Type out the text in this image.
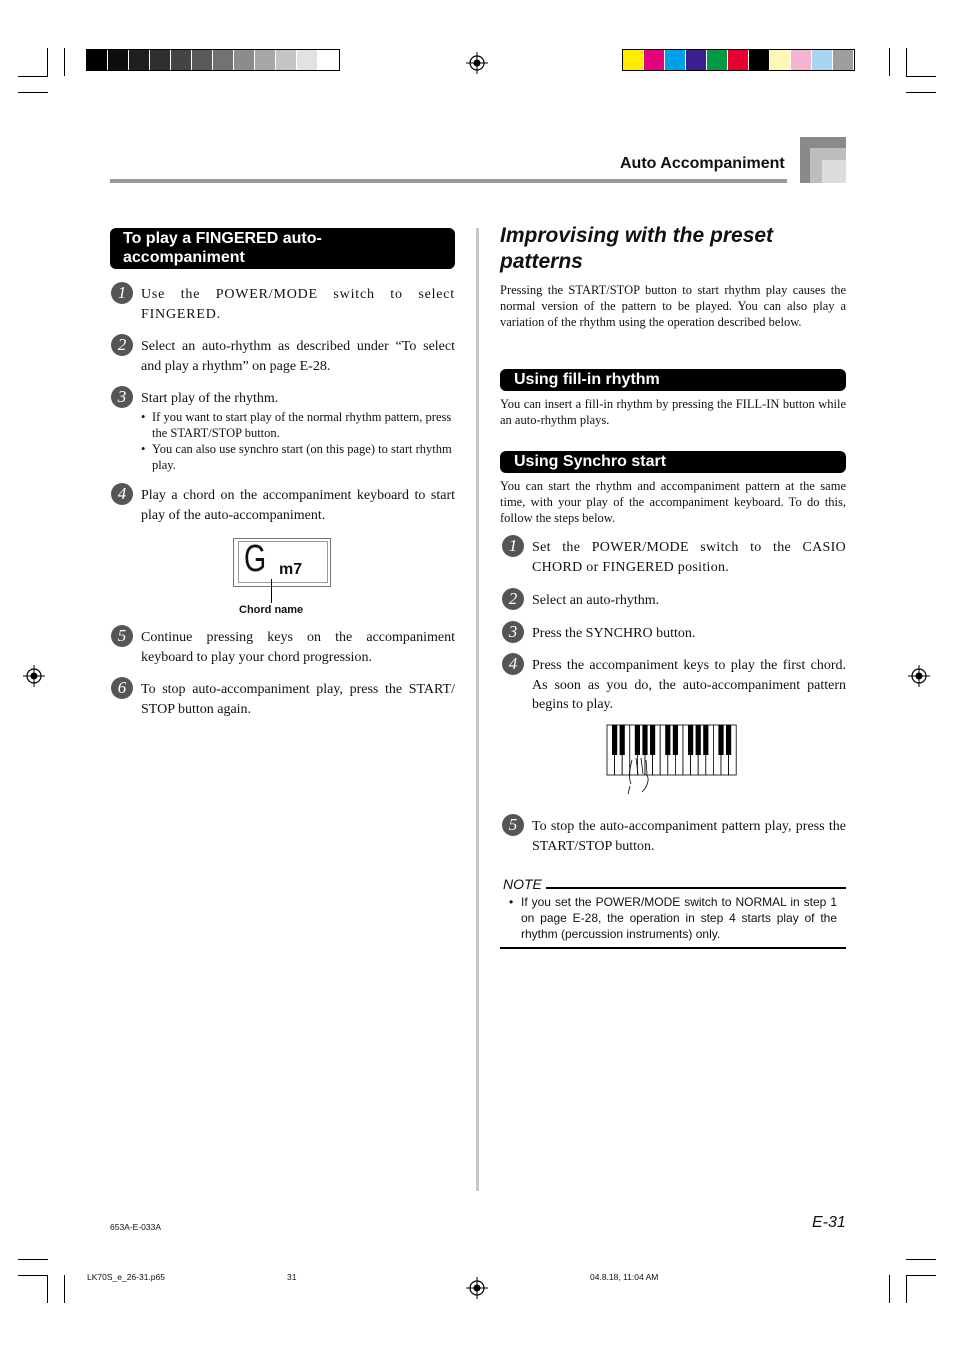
Auto Accompaniment
To play a FINGERED auto-accompaniment
1	Use the POWER/MODE switch to select FINGERED.
2	Select an auto-rhythm as described under “To select and play a rhythm” on page E-28.
3	Start play of the rhythm.
• If you want to start play of the normal rhythm pattern, press the START/STOP button.
• You can also use synchro start (on this page) to start rhythm play.
4	Play a chord on the accompaniment keyboard to start play of the auto-accompaniment.
G m7
Chord name
5	Continue pressing keys on the accompaniment keyboard to play your chord progression.
6	To stop auto-accompaniment play, press the START/ STOP button again.
Improvising with the preset patterns
Pressing the START/STOP button to start rhythm play causes the normal version of the pattern to be played. You can also play a variation of the rhythm using the operation described below.
Using fill-in rhythm
You can insert a fill-in rhythm by pressing the FILL-IN button while an auto-rhythm plays.
Using Synchro start
You can start the rhythm and accompaniment pattern at the same time, with your play of the accompaniment keyboard. To do this, follow the steps below.
1	Set the POWER/MODE switch to the CASIO CHORD or FINGERED position.
2	Select an auto-rhythm.
3	Press the SYNCHRO button.
4	Press the accompaniment keys to play the first chord. As soon as you do, the auto-accompaniment pattern begins to play.
5	To stop the auto-accompaniment pattern play, press the START/STOP button.
NOTE
• If you set the POWER/MODE switch to NORMAL in step 1 on page E-28, the operation in step 4 starts play of the rhythm (percussion instruments) only.
653A-E-033A	E-31
LK70S_e_26-31.p65	31	04.8.18, 11:04 AM
